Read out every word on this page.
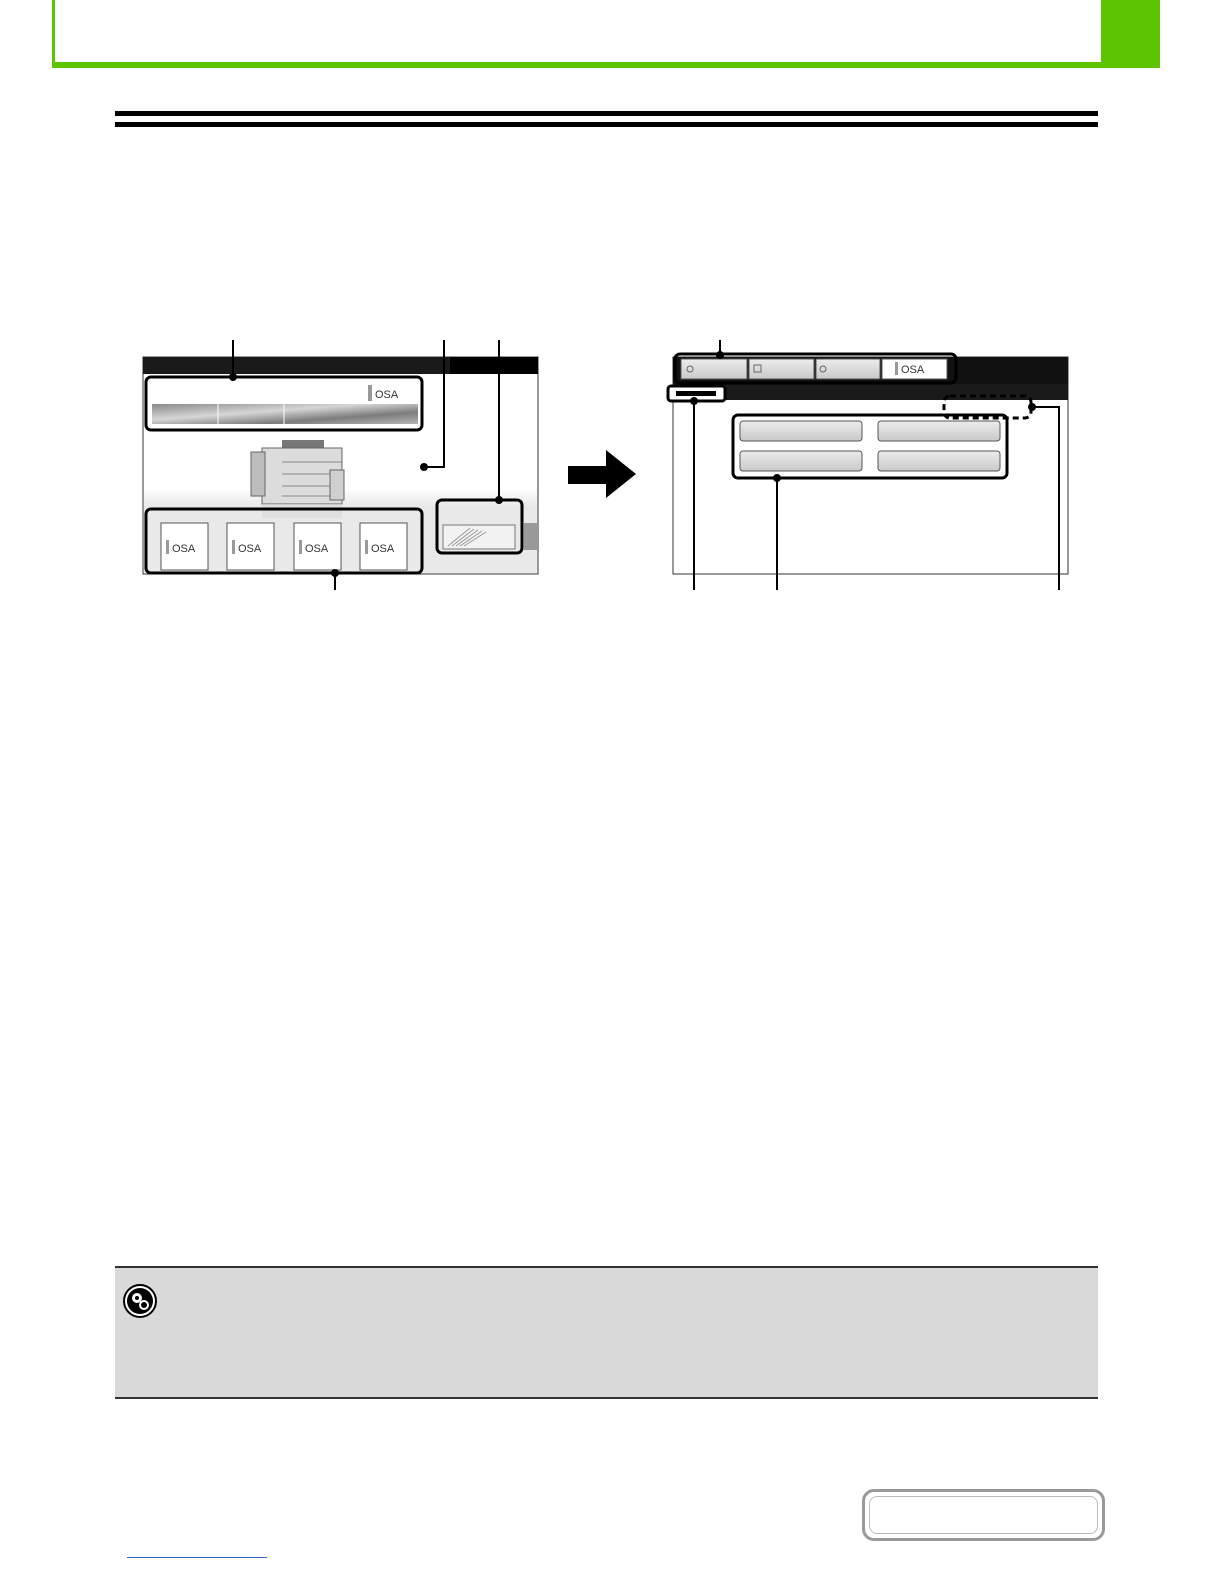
OSA
OSA	OSA	OSA	OSA
OSA
